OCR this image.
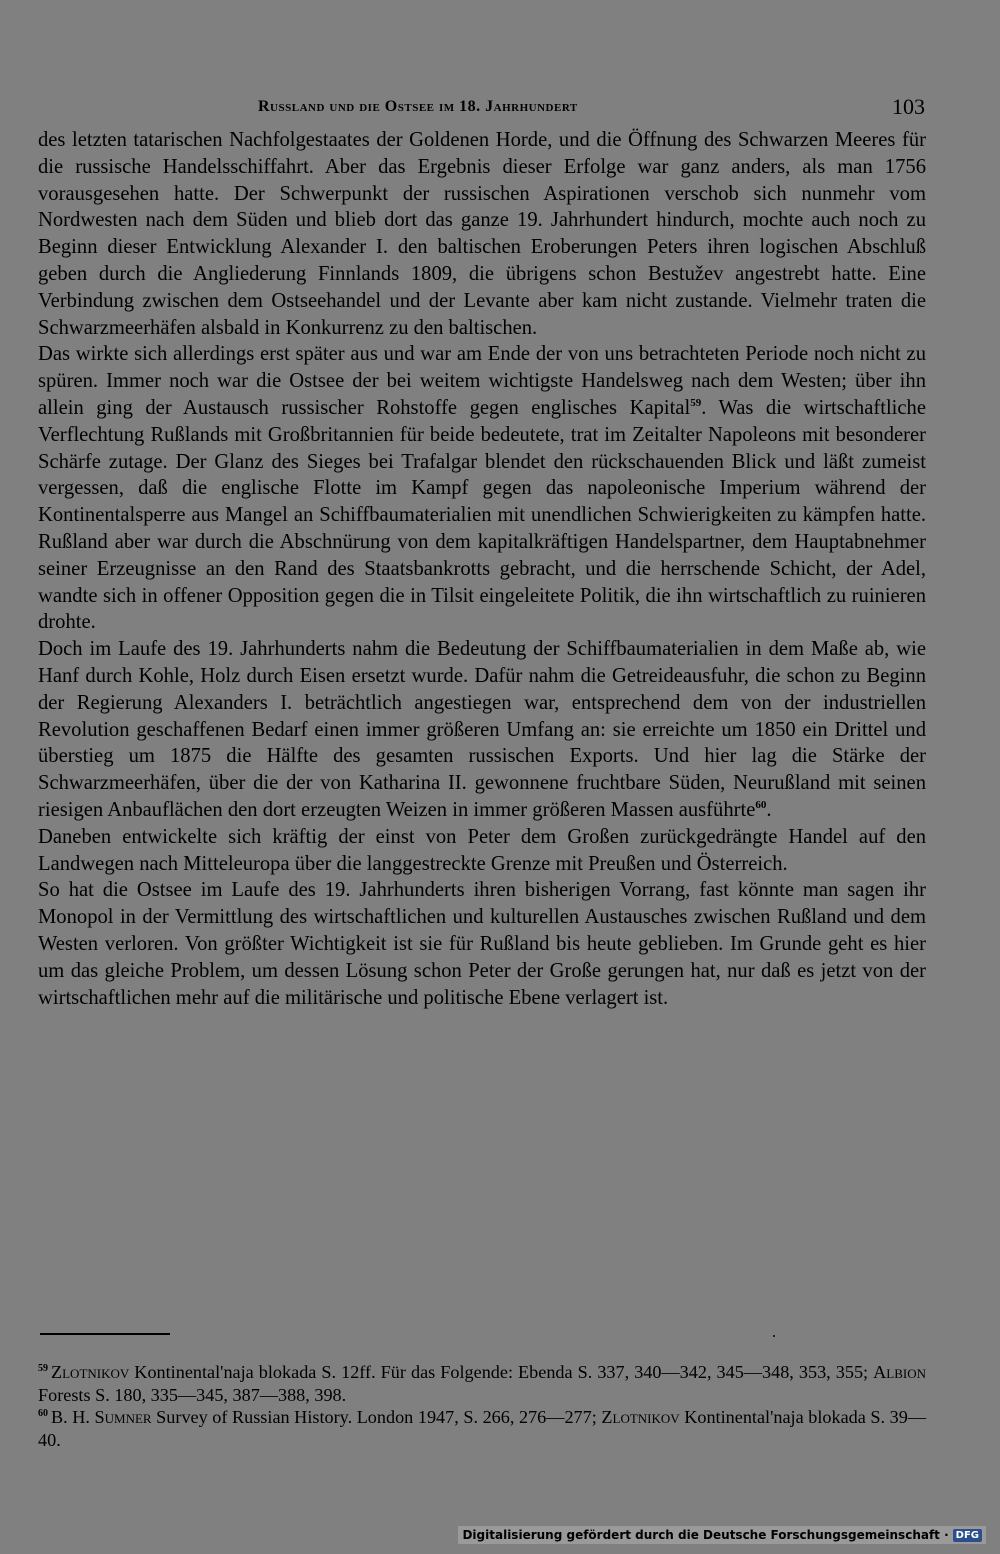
Russland und die Ostsee im 18. Jahrhundert	103

des letzten tatarischen Nachfolgestaates der Goldenen Horde, und die Öffnung des Schwarzen Meeres für die russische Handelsschiffahrt. Aber das Ergebnis dieser Erfolge war ganz anders, als man 1756 vorausgesehen hatte. Der Schwerpunkt der russischen Aspirationen verschob sich nunmehr vom Nordwesten nach dem Süden und blieb dort das ganze 19. Jahrhundert hindurch, mochte auch noch zu Beginn dieser Entwicklung Alexander I. den baltischen Eroberungen Peters ihren logischen Abschluß geben durch die Angliederung Finnlands 1809, die übrigens schon Bestužev angestrebt hatte. Eine Verbindung zwischen dem Ostseehandel und der Levante aber kam nicht zustande. Vielmehr traten die Schwarzmeerhäfen alsbald in Konkurrenz zu den baltischen.

Das wirkte sich allerdings erst später aus und war am Ende der von uns betrachteten Periode noch nicht zu spüren. Immer noch war die Ostsee der bei weitem wichtigste Handelsweg nach dem Westen; über ihn allein ging der Austausch russischer Rohstoffe gegen englisches Kapital$^{59}$. Was die wirtschaftliche Verflechtung Rußlands mit Großbritannien für beide bedeutete, trat im Zeitalter Napoleons mit besonderer Schärfe zutage. Der Glanz des Sieges bei Trafalgar blendet den rückschauenden Blick und läßt zumeist vergessen, daß die englische Flotte im Kampf gegen das napoleonische Imperium während der Kontinentalsperre aus Mangel an Schiffbaumaterialien mit unendlichen Schwierigkeiten zu kämpfen hatte. Rußland aber war durch die Abschnürung von dem kapitalkräftigen Handelspartner, dem Hauptabnehmer seiner Erzeugnisse an den Rand des Staatsbankrotts gebracht, und die herrschende Schicht, der Adel, wandte sich in offener Opposition gegen die in Tilsit eingeleitete Politik, die ihn wirtschaftlich zu ruinieren drohte.

Doch im Laufe des 19. Jahrhunderts nahm die Bedeutung der Schiffbaumaterialien in dem Maße ab, wie Hanf durch Kohle, Holz durch Eisen ersetzt wurde. Dafür nahm die Getreideausfuhr, die schon zu Beginn der Regierung Alexanders I. beträchtlich angestiegen war, entsprechend dem von der industriellen Revolution geschaffenen Bedarf einen immer größeren Umfang an: sie erreichte um 1850 ein Drittel und überstieg um 1875 die Hälfte des gesamten russischen Exports. Und hier lag die Stärke der Schwarzmeerhäfen, über die der von Katharina II. gewonnene fruchtbare Süden, Neurußland mit seinen riesigen Anbauflächen den dort erzeugten Weizen in immer größeren Massen ausführte$^{60}$.

Daneben entwickelte sich kräftig der einst von Peter dem Großen zurückgedrängte Handel auf den Landwegen nach Mitteleuropa über die langgestreckte Grenze mit Preußen und Österreich.

So hat die Ostsee im Laufe des 19. Jahrhunderts ihren bisherigen Vorrang, fast könnte man sagen ihr Monopol in der Vermittlung des wirtschaftlichen und kulturellen Austausches zwischen Rußland und dem Westen verloren. Von größter Wichtigkeit ist sie für Rußland bis heute geblieben. Im Grunde geht es hier um das gleiche Problem, um dessen Lösung schon Peter der Große gerungen hat, nur daß es jetzt von der wirtschaftlichen mehr auf die militärische und politische Ebene verlagert ist.

$^{59}$ Zlotnikov Kontinental'naja blokada S. 12ff. Für das Folgende: Ebenda S. 337, 340—342, 345—348, 353, 355; Albion Forests S. 180, 335—345, 387—388, 398.

$^{60}$ B. H. Sumner Survey of Russian History. London 1947, S. 266, 276—277; Zlotnikov Kontinental'naja blokada S. 39—40.

Digitalisierung gefördert durch die Deutsche Forschungsgemeinschaft · DFG
